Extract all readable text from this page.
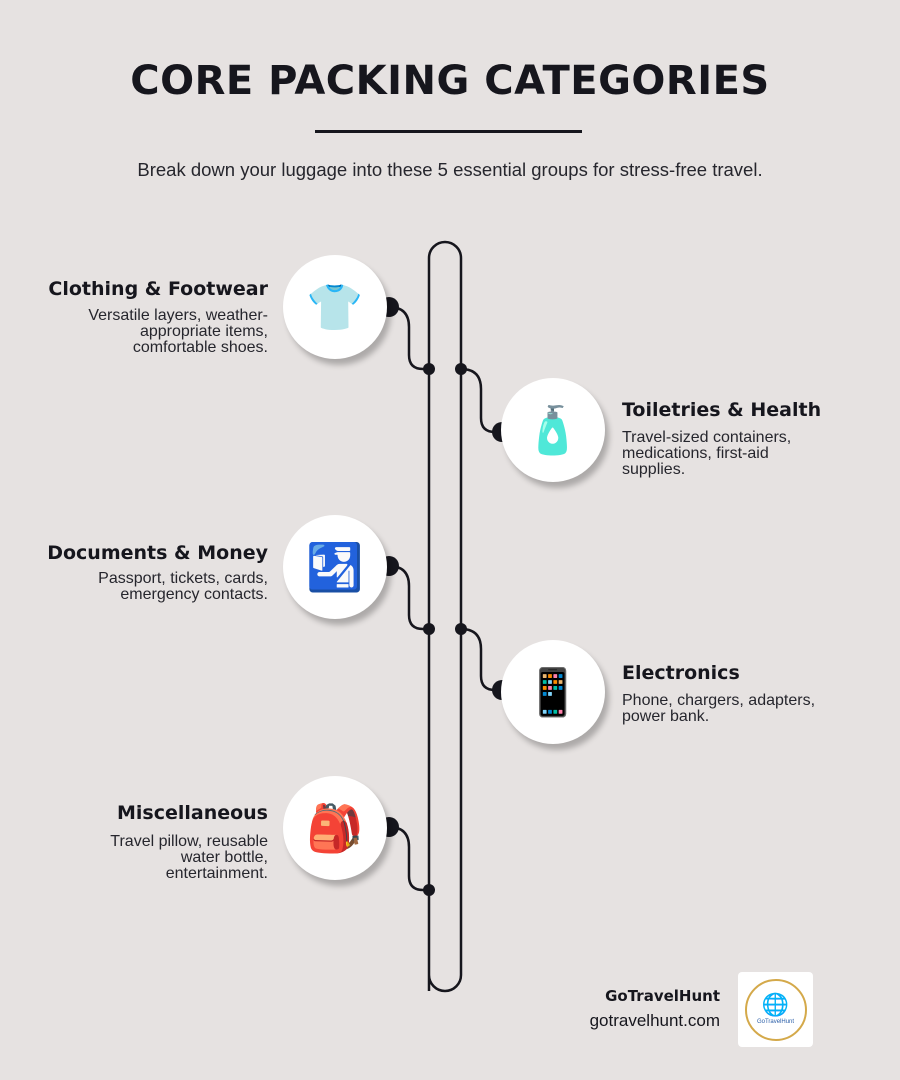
CORE PACKING CATEGORIES
Break down your luggage into these 5 essential groups for stress-free travel.
👕
Clothing & Footwear
Versatile layers, weather-
appropriate items,
comfortable shoes.
🧴 Toiletries & Health
Travel-sized containers,
medications, first-aid
supplies.
🛂
Documents & Money
Passport, tickets, cards,
emergency contacts.
📱 Electronics
Phone, chargers, adapters,
power bank.
🎒
Miscellaneous
Travel pillow, reusable
water bottle,
entertainment.
GoTravelHunt
gotravelhunt.com
🌐
GoTravelHunt
